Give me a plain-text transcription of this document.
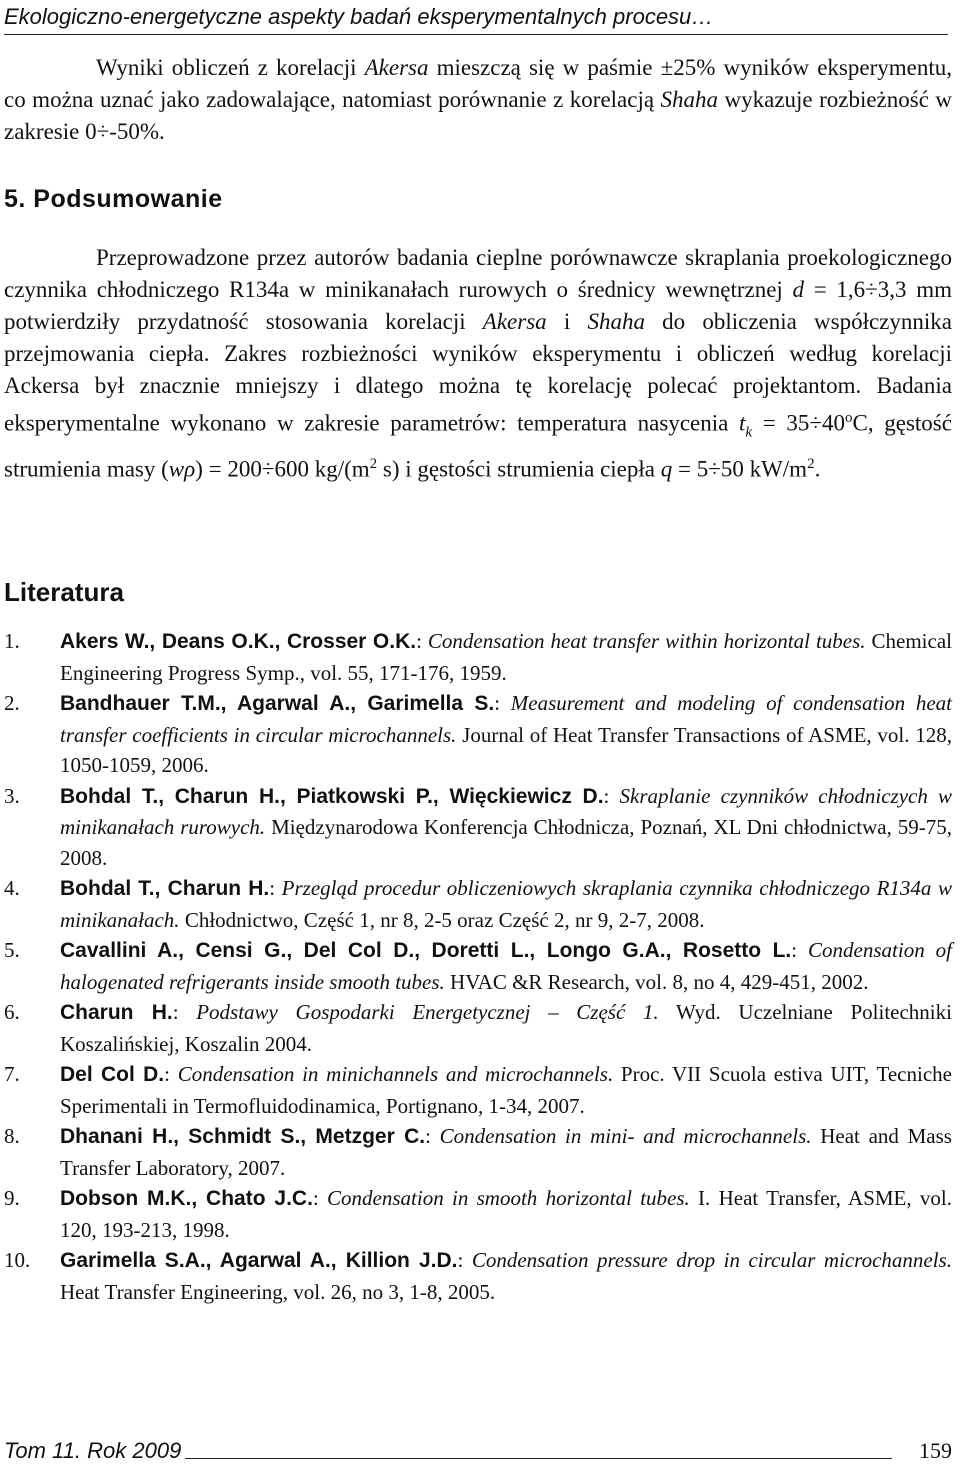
Ekologiczno-energetyczne aspekty badań eksperymentalnych procesu…
Wyniki obliczeń z korelacji Akersa mieszczą się w paśmie ±25% wyników eksperymentu, co można uznać jako zadowalające, natomiast porównanie z korelacją Shaha wykazuje rozbieżność w zakresie 0÷-50%.
5. Podsumowanie

Przeprowadzone przez autorów badania cieplne porównawcze skraplania proekologicznego czynnika chłodniczego R134a w minikanałach rurowych o średnicy wewnętrznej d = 1,6÷3,3 mm potwierdziły przydatność stosowania korelacji Akersa i Shaha do obliczenia współczynnika przejmowania ciepła. Zakres rozbieżności wyników eksperymentu i obliczeń według korelacji Ackersa był znacznie mniejszy i dlatego można tę korelację polecać projektantom. Badania eksperymentalne wykonano w zakresie parametrów: temperatura nasycenia $t_k = 35\div 40^oC$, gęstość strumienia masy (wρ) = 200÷600 $kg/(m^2$ s) i gęstości strumienia ciepła q = 5÷50 $kW/m^2$.

Literatura
1.	Akers W., Deans O.K., Crosser O.K.: Condensation heat transfer within horizontal tubes. Chemical Engineering Progress Symp., vol. 55, 171-176, 1959.
2.	Bandhauer T.M., Agarwal A., Garimella S.: Measurement and modeling of condensation heat transfer coefficients in circular microchannels. Journal of Heat Transfer Transactions of ASME, vol. 128, 1050-1059, 2006.
3.	Bohdal T., Charun H., Piatkowski P., Więckiewicz D.: Skraplanie czynników chłodniczych w minikanałach rurowych. Międzynarodowa Konferencja Chłodnicza, Poznań, XL Dni chłodnictwa, 59-75, 2008.
4.	Bohdal T., Charun H.: Przegląd procedur obliczeniowych skraplania czynnika chłodniczego R134a w minikanałach. Chłodnictwo, Część 1, nr 8, 2-5 oraz Część 2, nr 9, 2-7, 2008.
5.	Cavallini A., Censi G., Del Col D., Doretti L., Longo G.A., Rosetto L.: Condensation of halogenated refrigerants inside smooth tubes. HVAC &R Research, vol. 8, no 4, 429-451, 2002.
6.	Charun H.: Podstawy Gospodarki Energetycznej – Część 1. Wyd. Uczelniane Politechniki Koszalińskiej, Koszalin 2004.
7.	Del Col D.: Condensation in minichannels and microchannels. Proc. VII Scuola estiva UIT, Tecniche Sperimentali in Termofluidodinamica, Portignano, 1-34, 2007.
8.	Dhanani H., Schmidt S., Metzger C.: Condensation in mini- and microchannels. Heat and Mass Transfer Laboratory, 2007.
9.	Dobson M.K., Chato J.C.: Condensation in smooth horizontal tubes. I. Heat Transfer, ASME, vol. 120, 193-213, 1998.
10.	Garimella S.A., Agarwal A., Killion J.D.: Condensation pressure drop in circular microchannels. Heat Transfer Engineering, vol. 26, no 3, 1-8, 2005.
Tom 11. Rok 2009	159
